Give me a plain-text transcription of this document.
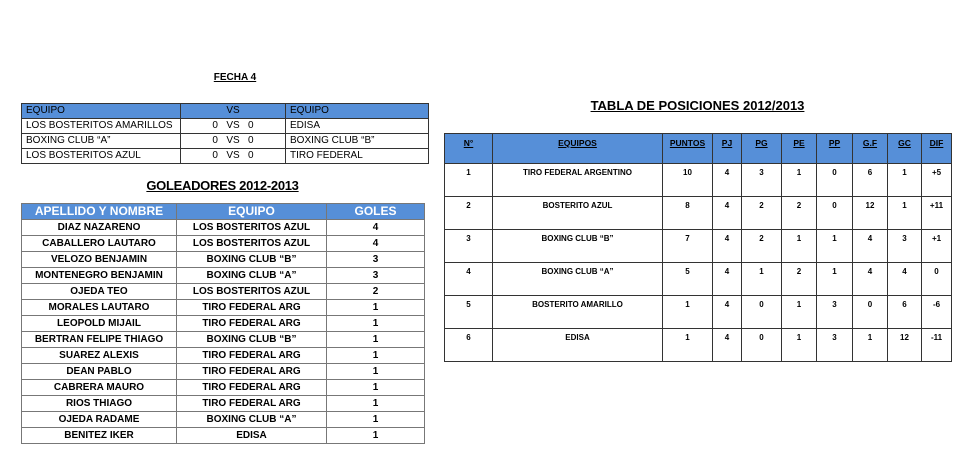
FECHA 4
EQUIPO	VS	EQUIPO
LOS BOSTERITOS AMARILLOS	0   VS   0	EDISA
BOXING CLUB “A”	0   VS   0	BOXING CLUB “B”
LOS BOSTERITOS AZUL	0   VS   0	TIRO FEDERAL
GOLEADORES 2012-2013
APELLIDO Y NOMBRE	EQUIPO	GOLES
DIAZ NAZARENO	LOS BOSTERITOS AZUL	4
CABALLERO LAUTARO	LOS BOSTERITOS AZUL	4
VELOZO BENJAMIN	BOXING CLUB “B”	3
MONTENEGRO BENJAMIN	BOXING CLUB “A”	3
OJEDA TEO	LOS BOSTERITOS AZUL	2
MORALES LAUTARO	TIRO FEDERAL ARG	1
LEOPOLD MIJAIL	TIRO FEDERAL ARG	1
BERTRAN FELIPE THIAGO	BOXING CLUB “B”	1
SUAREZ ALEXIS	TIRO FEDERAL ARG	1
DEAN PABLO	TIRO FEDERAL ARG	1
CABRERA MAURO	TIRO FEDERAL ARG	1
RIOS THIAGO	TIRO FEDERAL ARG	1
OJEDA RADAME	BOXING CLUB “A”	1
BENITEZ IKER	EDISA	1
TABLA DE POSICIONES 2012/2013
N°	EQUIPOS	PUNTOS	PJ	PG	PE	PP	G.F	GC	DIF
1	TIRO FEDERAL ARGENTINO	10	4	3	1	0	6	1	+5
2	BOSTERITO AZUL	8	4	2	2	0	12	1	+11
3	BOXING CLUB “B”	7	4	2	1	1	4	3	+1
4	BOXING CLUB “A”	5	4	1	2	1	4	4	0
5	BOSTERITO AMARILLO	1	4	0	1	3	0	6	-6
6	EDISA	1	4	0	1	3	1	12	-11
